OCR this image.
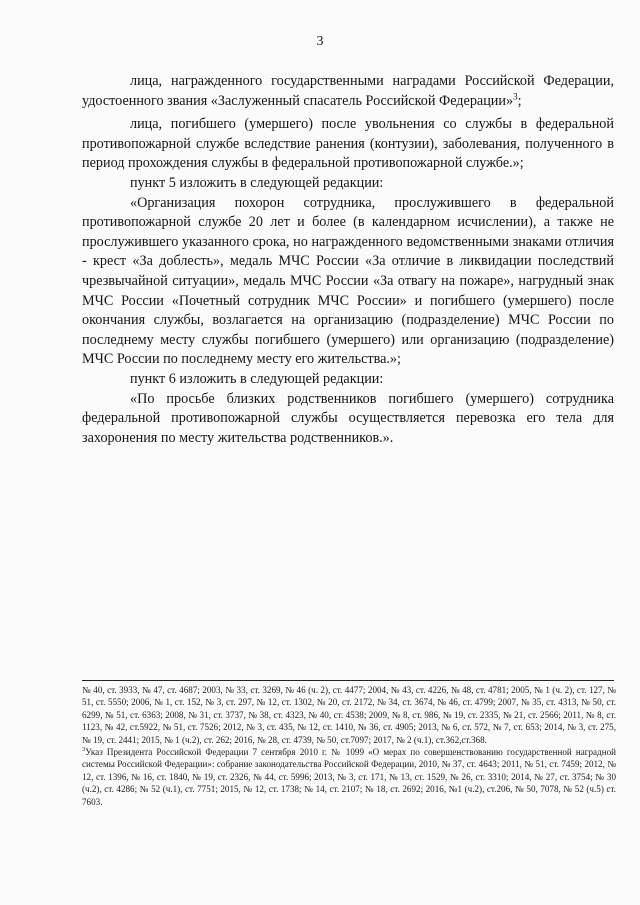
3

лица, награжденного государственными наградами Российской Федерации, удостоенного звания «Заслуженный спасатель Российской Федерации»$^3$;

лица, погибшего (умершего) после увольнения со службы в федеральной противопожарной службе вследствие ранения (контузии), заболевания, полученного в период прохождения службы в федеральной противопожарной службе.»;

пункт 5 изложить в следующей редакции:

«Организация похорон сотрудника, прослужившего в федеральной противопожарной службе 20 лет и более (в календарном исчислении), а также не прослужившего указанного срока, но награжденного ведомственными знаками отличия - крест «За доблесть», медаль МЧС России «За отличие в ликвидации последствий чрезвычайной ситуации», медаль МЧС России «За отвагу на пожаре», нагрудный знак МЧС России «Почетный сотрудник МЧС России» и погибшего (умершего) после окончания службы, возлагается на организацию (подразделение) МЧС России по последнему месту службы погибшего (умершего) или организацию (подразделение) МЧС России по последнему месту его жительства.»;

пункт 6 изложить в следующей редакции:

«По просьбе близких родственников погибшего (умершего) сотрудника федеральной противопожарной службы осуществляется перевозка его тела для захоронения по месту жительства родственников.».

№ 40, ст. 3933, № 47, ст. 4687; 2003, № 33, ст. 3269, № 46 (ч. 2), ст. 4477; 2004, № 43, ст. 4226, № 48, ст. 4781; 2005, № 1 (ч. 2), ст. 127, № 51, ст. 5550; 2006, № 1, ст. 152, № 3, ст. 297, № 12, ст. 1302, № 20, ст. 2172, № 34, ст. 3674, № 46, ст. 4799; 2007, № 35, ст. 4313, № 50, ст. 6299, № 51, ст. 6363; 2008, № 31, ст. 3737, № 38, ст. 4323, № 40, ст. 4538; 2009, № 8, ст. 986, № 19, ст. 2335, № 21, ст. 2566; 2011, № 8, ст. 1123, № 42, ст.5922, № 51, ст. 7526; 2012, № 3, ст. 435, № 12, ст. 1410, № 36, ст. 4905; 2013, № 6, ст. 572, № 7, ст. 653; 2014, № 3, ст. 275, № 19, ст. 2441; 2015, № 1 (ч.2), ст. 262; 2016, № 28, ст. 4739, № 50, ст.7097; 2017, № 2 (ч.1), ст.362,ст.368.

$^3$Указ Президента Российской Федерации 7 сентября 2010 г. № 1099 «О мерах по совершенствованию государственной наградной системы Российской Федерации»: собрание законодательства Российской Федерации, 2010, № 37, ст. 4643; 2011, № 51, ст. 7459; 2012, № 12, ст. 1396, № 16, ст. 1840, № 19, ст. 2326, № 44, ст. 5996; 2013, № 3, ст. 171, № 13, ст. 1529, № 26, ст. 3310; 2014, № 27, ст. 3754; № 30 (ч.2), ст. 4286; № 52 (ч.1), ст. 7751; 2015, № 12, ст. 1738; № 14, ст. 2107; № 18, ст. 2692; 2016, №1 (ч.2), ст.206, № 50, 7078, № 52 (ч.5) ст. 7603.
